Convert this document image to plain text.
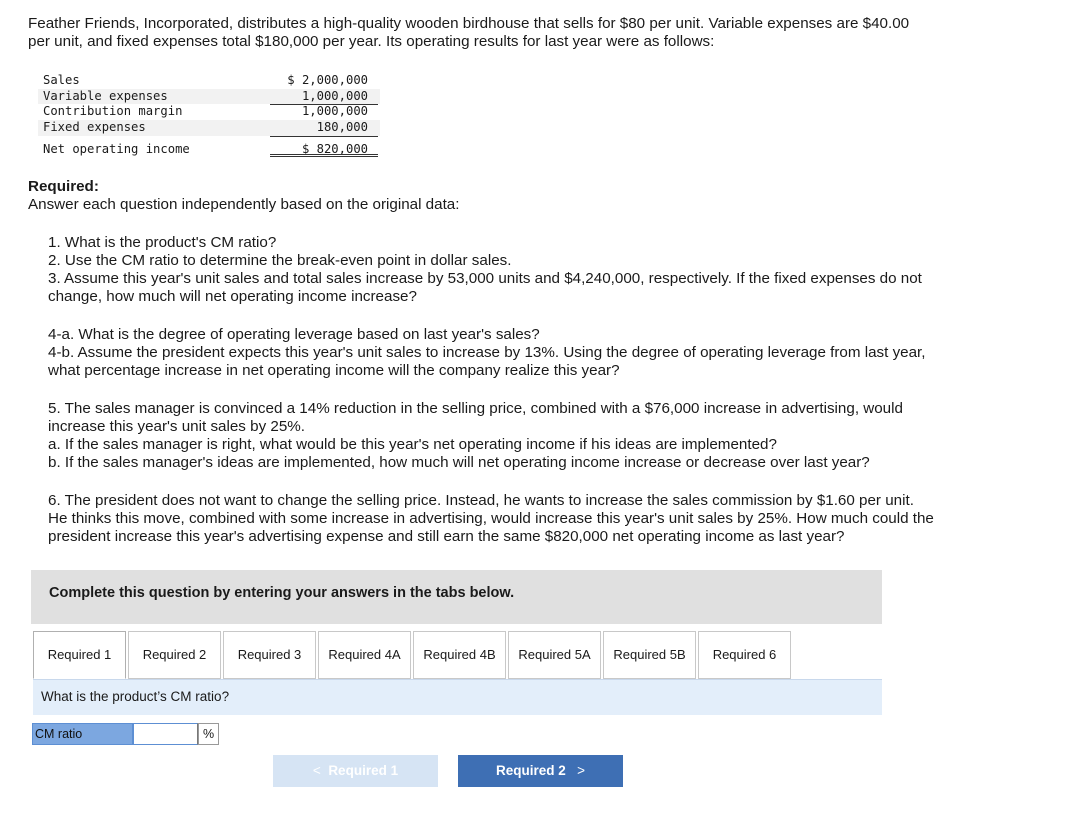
Feather Friends, Incorporated, distributes a high-quality wooden birdhouse that sells for $80 per unit. Variable expenses are $40.00
per unit, and fixed expenses total $180,000 per year. Its operating results for last year were as follows:
Sales	$ 2,000,000
Variable expenses	1,000,000
Contribution margin	1,000,000
Fixed expenses	180,000
Net operating income	$ 820,000
Required:
Answer each question independently based on the original data:
1. What is the product's CM ratio?
2. Use the CM ratio to determine the break-even point in dollar sales.
3. Assume this year's unit sales and total sales increase by 53,000 units and $4,240,000, respectively. If the fixed expenses do not
change, how much will net operating income increase?
4-a. What is the degree of operating leverage based on last year's sales?
4-b. Assume the president expects this year's unit sales to increase by 13%. Using the degree of operating leverage from last year,
what percentage increase in net operating income will the company realize this year?
5. The sales manager is convinced a 14% reduction in the selling price, combined with a $76,000 increase in advertising, would
increase this year's unit sales by 25%.
a. If the sales manager is right, what would be this year's net operating income if his ideas are implemented?
b. If the sales manager's ideas are implemented, how much will net operating income increase or decrease over last year?
6. The president does not want to change the selling price. Instead, he wants to increase the sales commission by $1.60 per unit.
He thinks this move, combined with some increase in advertising, would increase this year's unit sales by 25%. How much could the
president increase this year's advertising expense and still earn the same $820,000 net operating income as last year?
Complete this question by entering your answers in the tabs below.
Required 1	Required 2	Required 3	Required 4A	Required 4B	Required 5A	Required 5B	Required 6
What is the product’s CM ratio?
CM ratio	%
< Required 1	Required 2 >
